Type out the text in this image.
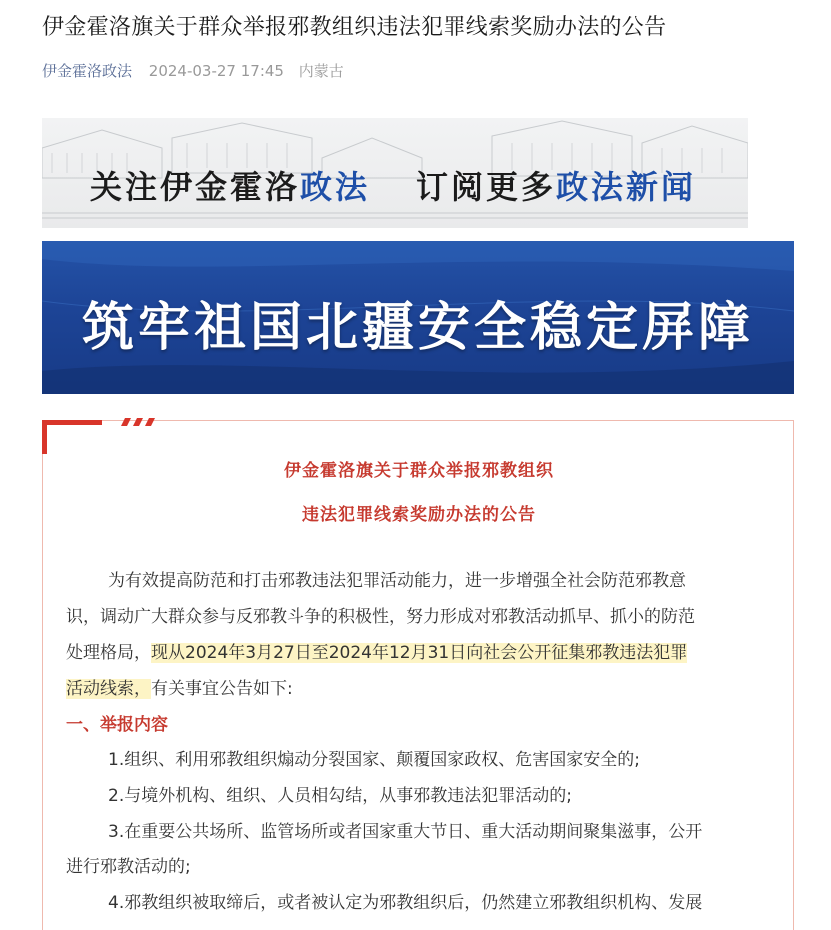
伊金霍洛旗关于群众举报邪教组织违法犯罪线索奖励办法的公告
伊金霍洛政法 2024-03-27 17:45 内蒙古
关注伊金霍洛政法 订阅更多政法新闻
筑牢祖国北疆安全稳定屏障
伊金霍洛旗关于群众举报邪教组织
违法犯罪线索奖励办法的公告
为有效提高防范和打击邪教违法犯罪活动能力，进一步增强全社会防范邪教意
识，调动广大群众参与反邪教斗争的积极性，努力形成对邪教活动抓早、抓小的防范
处理格局，现从2024年3月27日至2024年12月31日向社会公开征集邪教违法犯罪
活动线索，有关事宜公告如下:
一、举报内容
1.组织、利用邪教组织煽动分裂国家、颠覆国家政权、危害国家安全的;
2.与境外机构、组织、人员相勾结，从事邪教违法犯罪活动的;
3.在重要公共场所、监管场所或者国家重大节日、重大活动期间聚集滋事，公开
进行邪教活动的;
4.邪教组织被取缔后，或者被认定为邪教组织后，仍然建立邪教组织机构、发展
